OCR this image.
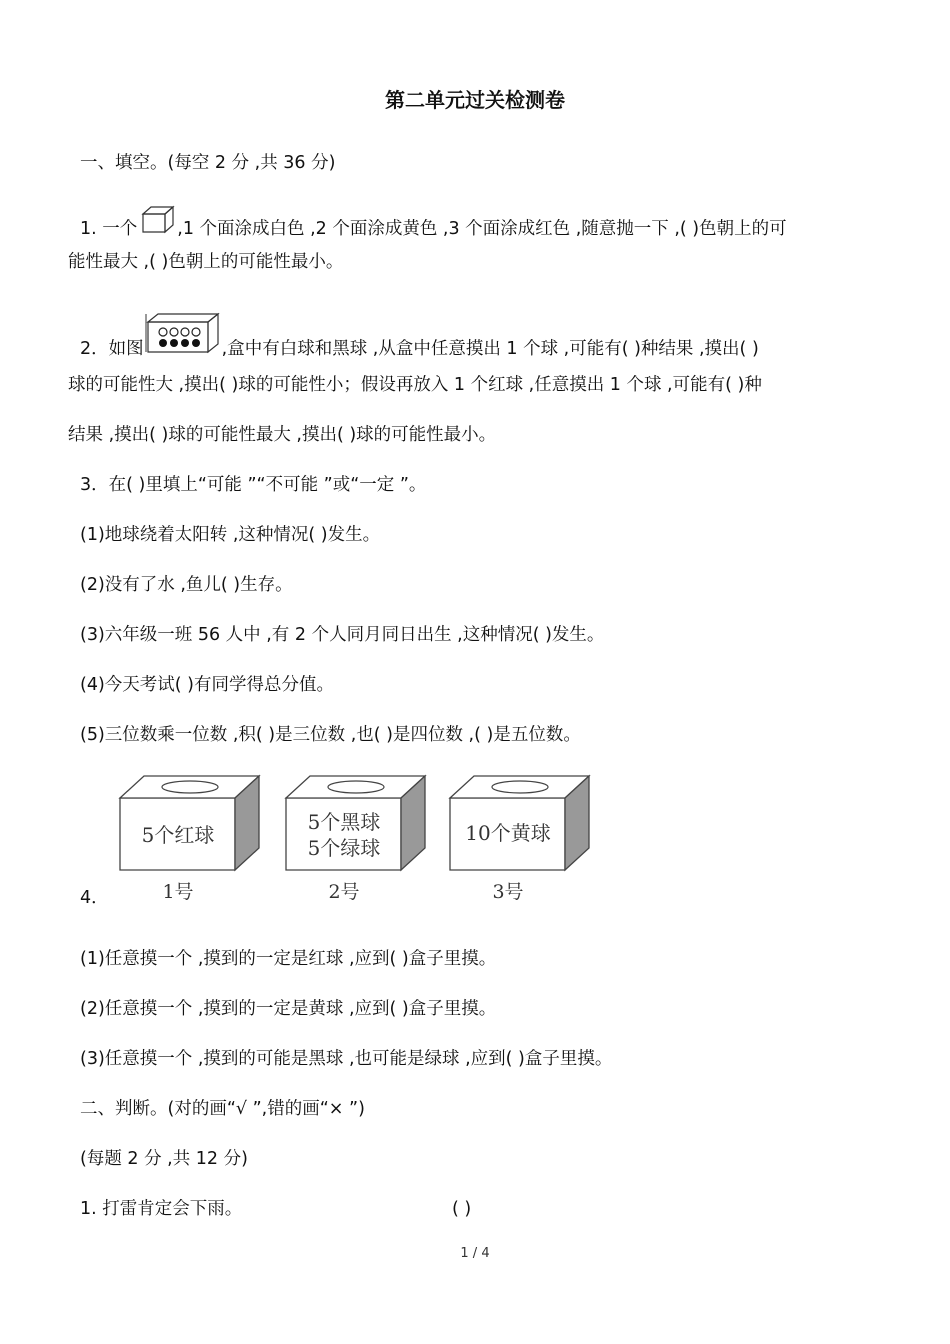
第二单元过关检测卷
一、填空。(每空 2 分 ,共 36 分)
1. 一个 ,1 个面涂成白色 ,2 个面涂成黄色 ,3 个面涂成红色 ,随意抛一下 ,( )色朝上的可
能性最大 ,( )色朝上的可能性最小。
2．如图	,盒中有白球和黑球 ,从盒中任意摸出 1 个球 ,可能有( )种结果 ,摸出( )
球的可能性大 ,摸出( )球的可能性小；假设再放入 1 个红球 ,任意摸出 1 个球 ,可能有( )种
结果 ,摸出( )球的可能性最大 ,摸出( )球的可能性最小。
3．在( )里填上“可能 ”“不可能 ”或“一定 ”。
(1)地球绕着太阳转 ,这种情况( )发生。
(2)没有了水 ,鱼儿( )生存。
(3)六年级一班 56 人中 ,有 2 个人同月同日出生 ,这种情况( )发生。
(4)今天考试( )有同学得总分值。
(5)三位数乘一位数 ,积( )是三位数 ,也( )是四位数 ,( )是五位数。
5个红球
1号
5个黑球
5个绿球
2号
10个黄球
3号
4．
(1)任意摸一个 ,摸到的一定是红球 ,应到( )盒子里摸。
(2)任意摸一个 ,摸到的一定是黄球 ,应到( )盒子里摸。
(3)任意摸一个 ,摸到的可能是黑球 ,也可能是绿球 ,应到( )盒子里摸。
二、判断。(对的画“√ ”,错的画“× ”)
(每题 2 分 ,共 12 分)
1. 打雷肯定会下雨。	( )
1 / 4
